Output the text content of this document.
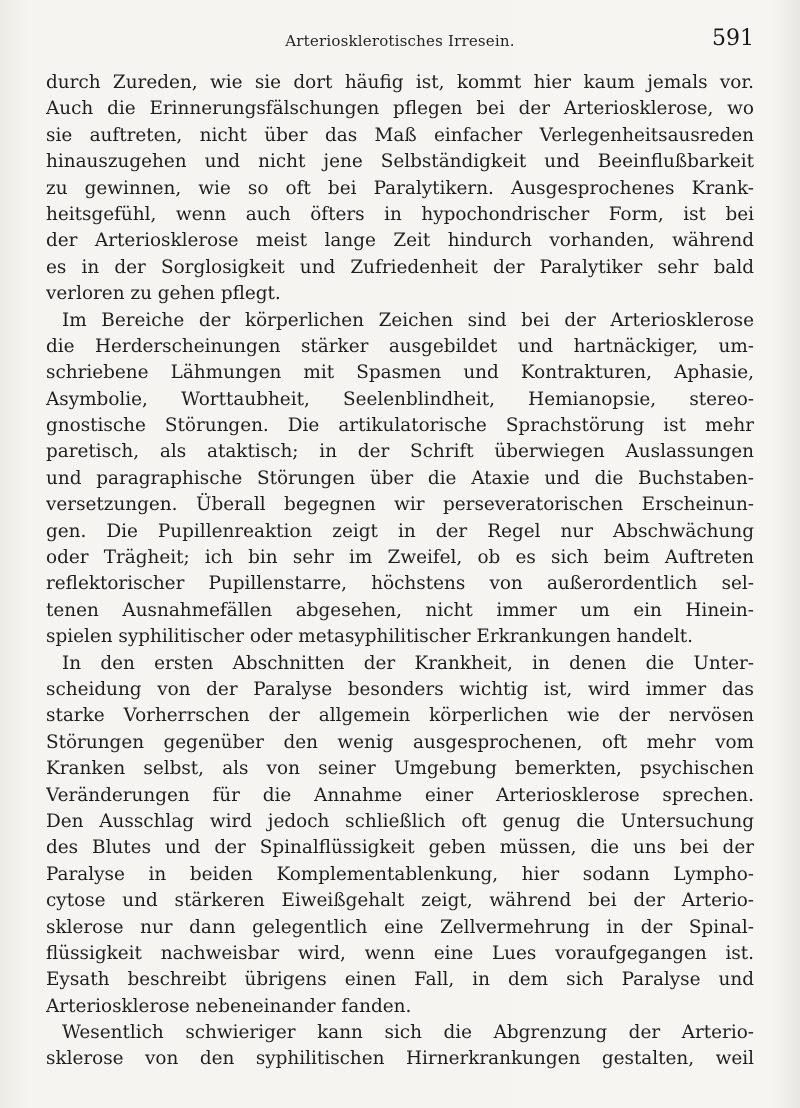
Arteriosklerotisches Irresein.	591

durch Zureden, wie sie dort häufig ist, kommt hier kaum jemals vor.

Auch die Erinnerungsfälschungen pflegen bei der Arteriosklerose, wo

sie auftreten, nicht über das Maß einfacher Verlegenheitsausreden

hinauszugehen und nicht jene Selbständigkeit und Beeinflußbarkeit

zu gewinnen, wie so oft bei Paralytikern. Ausgesprochenes Krank-

heitsgefühl, wenn auch öfters in hypochondrischer Form, ist bei

der Arteriosklerose meist lange Zeit hindurch vorhanden, während

es in der Sorglosigkeit und Zufriedenheit der Paralytiker sehr bald

verloren zu gehen pflegt.

Im Bereiche der körperlichen Zeichen sind bei der Arteriosklerose

die Herderscheinungen stärker ausgebildet und hartnäckiger, um-

schriebene Lähmungen mit Spasmen und Kontrakturen, Aphasie,

Asymbolie, Worttaubheit, Seelenblindheit, Hemianopsie, stereo-

gnostische Störungen. Die artikulatorische Sprachstörung ist mehr

paretisch, als ataktisch; in der Schrift überwiegen Auslassungen

und paragraphische Störungen über die Ataxie und die Buchstaben-

versetzungen. Überall begegnen wir perseveratorischen Erscheinun-

gen. Die Pupillenreaktion zeigt in der Regel nur Abschwächung

oder Trägheit; ich bin sehr im Zweifel, ob es sich beim Auftreten

reflektorischer Pupillenstarre, höchstens von außerordentlich sel-

tenen Ausnahmefällen abgesehen, nicht immer um ein Hinein-

spielen syphilitischer oder metasyphilitischer Erkrankungen handelt.

In den ersten Abschnitten der Krankheit, in denen die Unter-

scheidung von der Paralyse besonders wichtig ist, wird immer das

starke Vorherrschen der allgemein körperlichen wie der nervösen

Störungen gegenüber den wenig ausgesprochenen, oft mehr vom

Kranken selbst, als von seiner Umgebung bemerkten, psychischen

Veränderungen für die Annahme einer Arteriosklerose sprechen.

Den Ausschlag wird jedoch schließlich oft genug die Untersuchung

des Blutes und der Spinalflüssigkeit geben müssen, die uns bei der

Paralyse in beiden Komplementablenkung, hier sodann Lympho-

cytose und stärkeren Eiweißgehalt zeigt, während bei der Arterio-

sklerose nur dann gelegentlich eine Zellvermehrung in der Spinal-

flüssigkeit nachweisbar wird, wenn eine Lues voraufgegangen ist.

Eysath beschreibt übrigens einen Fall, in dem sich Paralyse und

Arteriosklerose nebeneinander fanden.

Wesentlich schwieriger kann sich die Abgrenzung der Arterio-

sklerose von den syphilitischen Hirnerkrankungen gestalten, weil
